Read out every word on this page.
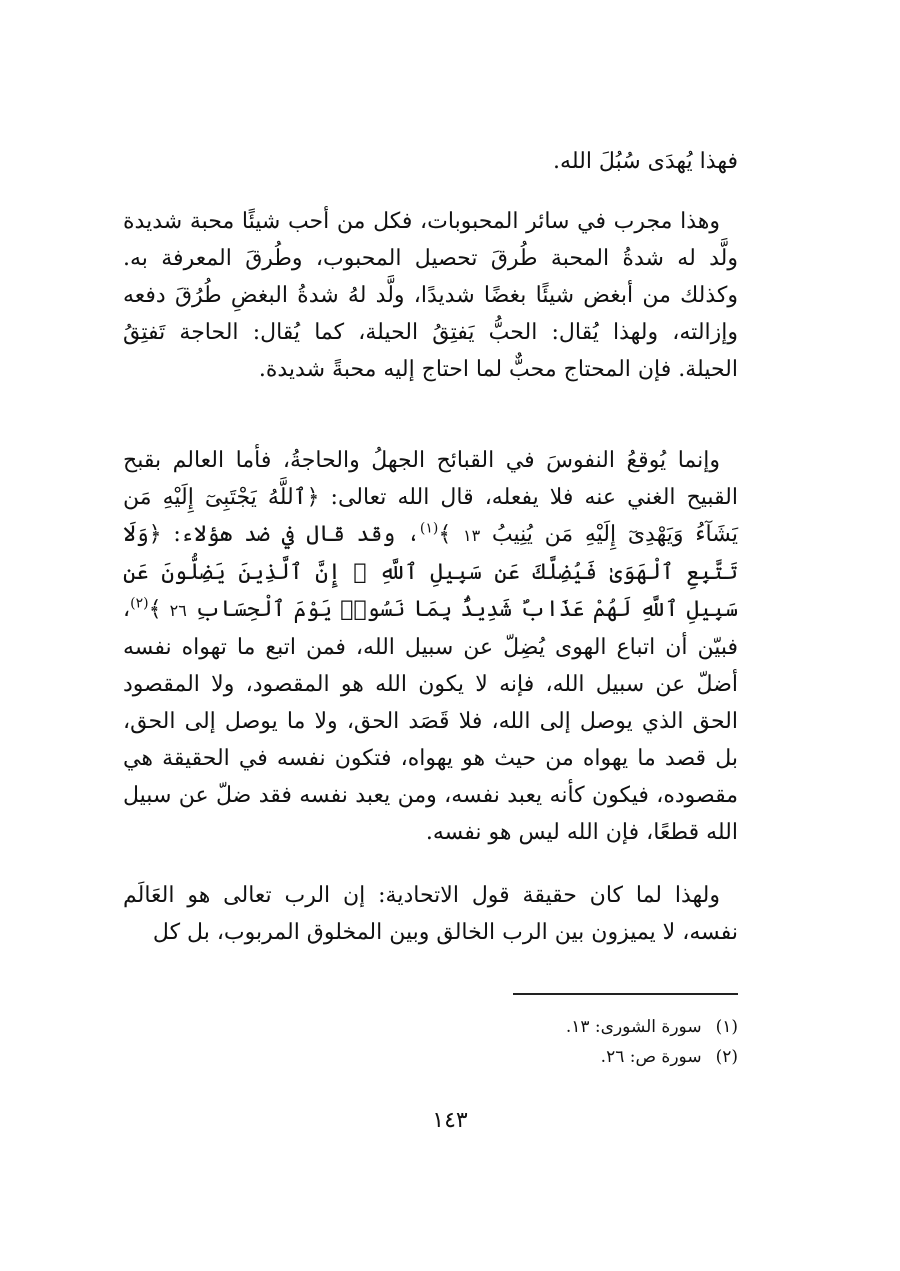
فهذا يُهدَى سُبُلَ الله.

وهذا مجرب في سائر المحبوبات، فكل من أحب شيئًا محبة شديدة ولَّد له شدةُ المحبة طُرقَ تحصيل المحبوب، وطُرقَ المعرفة به. وكذلك من أبغض شيئًا بغضًا شديدًا، ولَّد لهُ شدةُ البغضِ طُرُقَ دفعه وإزالته، ولهذا يُقال: الحبُّ يَفتِقُ الحيلة، كما يُقال: الحاجة تَفتِقُ الحيلة. فإن المحتاج محبٌّ لما احتاج إليه محبةً شديدة.

وإنما يُوقعُ النفوسَ في القبائح الجهلُ والحاجةُ، فأما العالم بقبح القبيح الغني عنه فلا يفعله، قال الله تعالى: ﴿ٱللَّهُ يَجْتَبِىٓ إِلَيْهِ مَن يَشَآءُ وَيَهْدِىٓ إِلَيْهِ مَن يُنِيبُ ١٣ ﴾$^{(١)}$، وقد قال في ضد هؤلاء: ﴿وَلَا تَتَّبِعِ ٱلْهَوَىٰ فَيُضِلَّكَ عَن سَبِيلِ ٱللَّهِ ۚ إِنَّ ٱلَّذِينَ يَضِلُّونَ عَن سَبِيلِ ٱللَّهِ لَهُمْ عَذَابٌ شَدِيدٌۢ بِمَا نَسُوا۟ يَوْمَ ٱلْحِسَابِ ٢٦ ﴾$^{(٢)}$، فبيّن أن اتباع الهوى يُضِلّ عن سبيل الله، فمن اتبع ما تهواه نفسه أضلّ عن سبيل الله، فإنه لا يكون الله هو المقصود، ولا المقصود الحق الذي يوصل إلى الله، فلا قَصَد الحق، ولا ما يوصل إلى الحق، بل قصد ما يهواه من حيث هو يهواه، فتكون نفسه في الحقيقة هي مقصوده، فيكون كأنه يعبد نفسه، ومن يعبد نفسه فقد ضلّ عن سبيل الله قطعًا، فإن الله ليس هو نفسه.

ولهذا لما كان حقيقة قول الاتحادية: إن الرب تعالى هو العَالَم نفسه، لا يميزون بين الرب الخالق وبين المخلوق المربوب، بل كل

(١)سورة الشورى: ١٣.
(٢)سورة ص: ٢٦.
١٤٣
